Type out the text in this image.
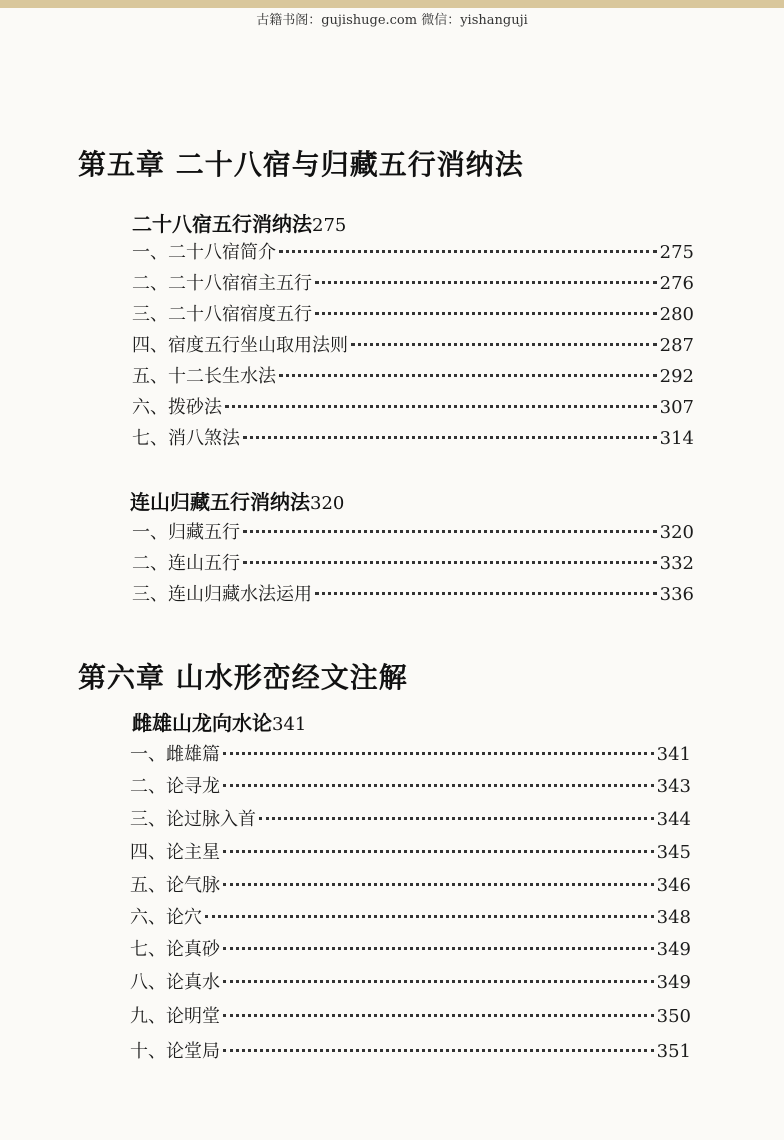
古籍书阁：gujishuge.com 微信：yishanguji
第五章 二十八宿与归藏五行消纳法
二十八宿五行消纳法275
一、二十八宿简介	275
二、二十八宿宿主五行	276
三、二十八宿宿度五行	280
四、宿度五行坐山取用法则	287
五、十二长生水法	292
六、拨砂法	307
七、消八煞法	314
连山归藏五行消纳法320
一、归藏五行	320
二、连山五行	332
三、连山归藏水法运用	336
第六章 山水形峦经文注解
雌雄山龙向水论341
一、雌雄篇	341
二、论寻龙	343
三、论过脉入首	344
四、论主星	345
五、论气脉	346
六、论穴	348
七、论真砂	349
八、论真水	349
九、论明堂	350
十、论堂局	351
